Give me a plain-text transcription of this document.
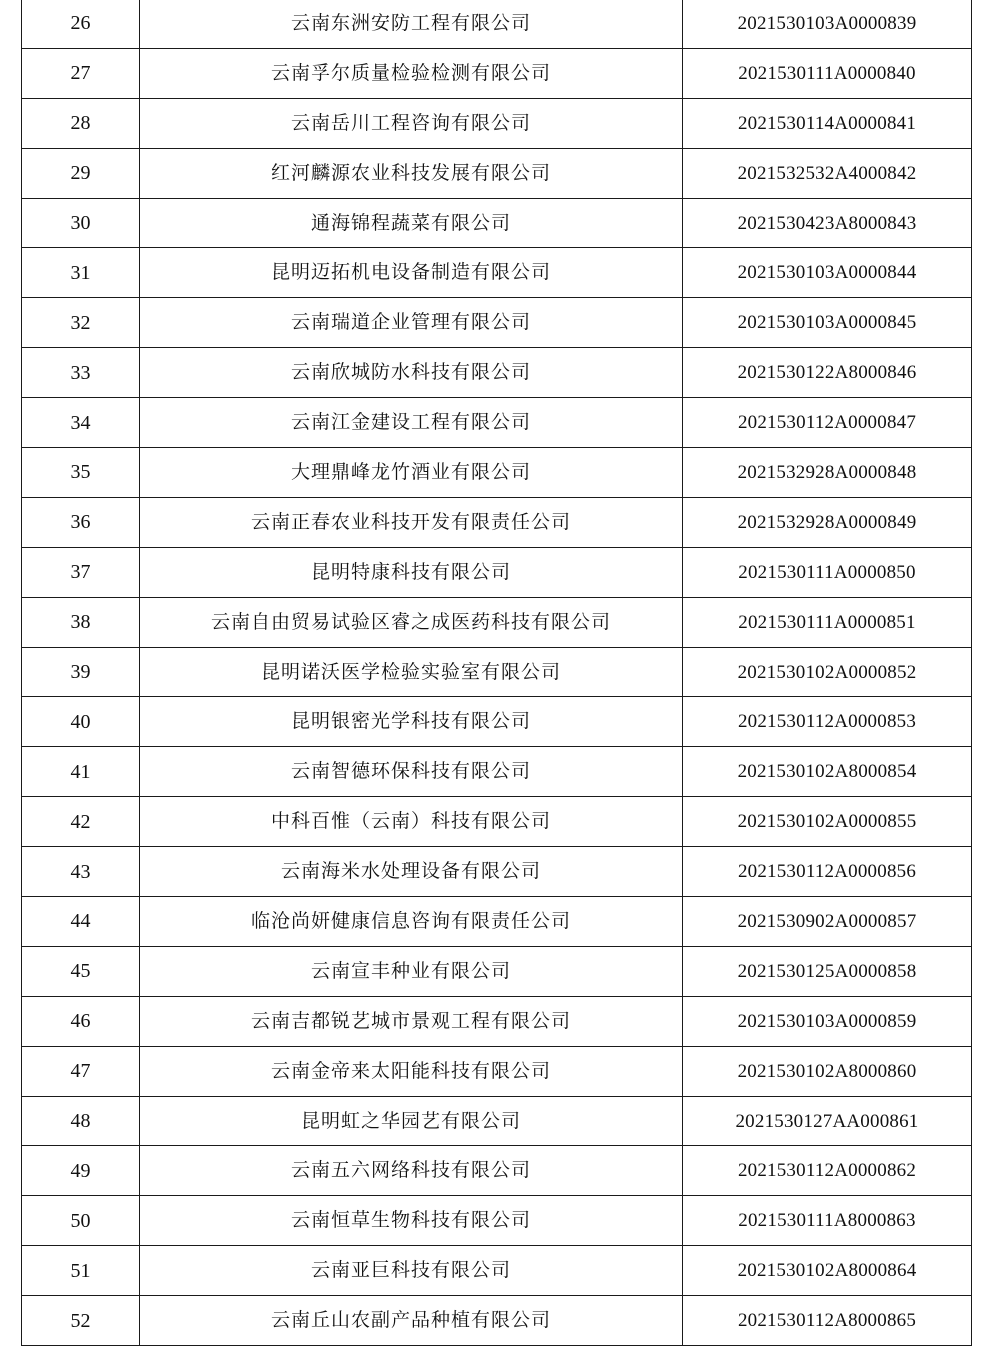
26	云南东洲安防工程有限公司	2021530103A0000839
27	云南孚尔质量检验检测有限公司	2021530111A0000840
28	云南岳川工程咨询有限公司	2021530114A0000841
29	红河麟源农业科技发展有限公司	2021532532A4000842
30	通海锦程蔬菜有限公司	2021530423A8000843
31	昆明迈拓机电设备制造有限公司	2021530103A0000844
32	云南瑞道企业管理有限公司	2021530103A0000845
33	云南欣城防水科技有限公司	2021530122A8000846
34	云南江金建设工程有限公司	2021530112A0000847
35	大理鼎峰龙竹酒业有限公司	2021532928A0000848
36	云南正春农业科技开发有限责任公司	2021532928A0000849
37	昆明特康科技有限公司	2021530111A0000850
38	云南自由贸易试验区睿之成医药科技有限公司	2021530111A0000851
39	昆明诺沃医学检验实验室有限公司	2021530102A0000852
40	昆明银密光学科技有限公司	2021530112A0000853
41	云南智德环保科技有限公司	2021530102A8000854
42	中科百惟（云南）科技有限公司	2021530102A0000855
43	云南海米水处理设备有限公司	2021530112A0000856
44	临沧尚妍健康信息咨询有限责任公司	2021530902A0000857
45	云南宣丰种业有限公司	2021530125A0000858
46	云南吉都锐艺城市景观工程有限公司	2021530103A0000859
47	云南金帝来太阳能科技有限公司	2021530102A8000860
48	昆明虹之华园艺有限公司	2021530127AA000861
49	云南五六网络科技有限公司	2021530112A0000862
50	云南恒草生物科技有限公司	2021530111A8000863
51	云南亚巨科技有限公司	2021530102A8000864
52	云南丘山农副产品种植有限公司	2021530112A8000865
